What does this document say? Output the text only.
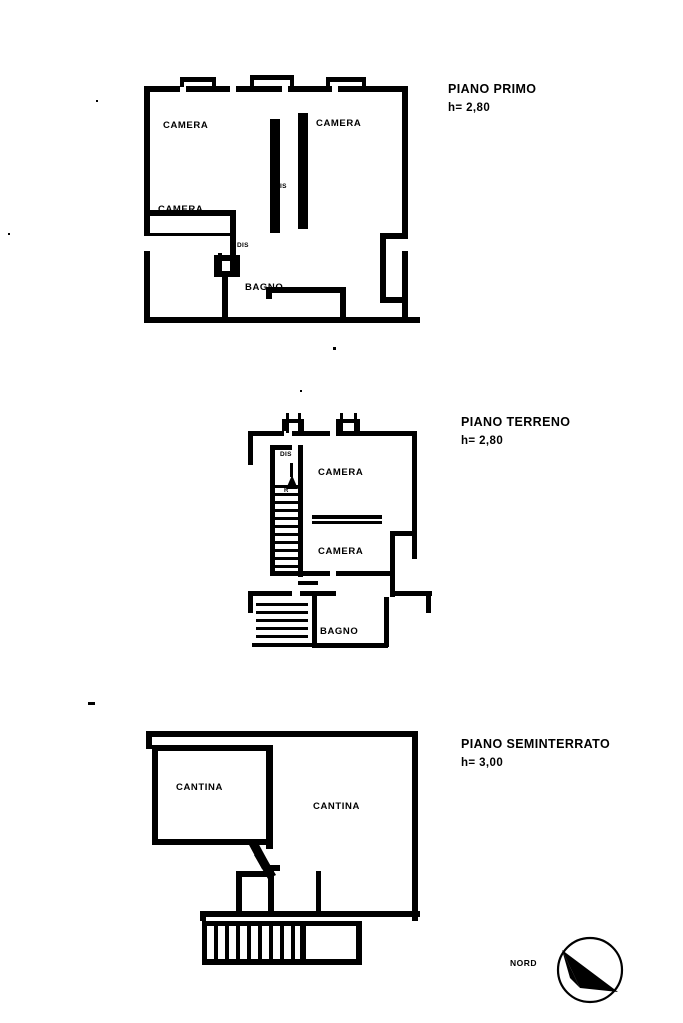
CAMERA	CAMERA
CAMERA
DIS
DIS
BAGNO
PIANO PRIMO
h= 2,80
DIS
CAMERA
R
CAMERA
BAGNO
PIANO TERRENO
h= 2,80
CANTINA
CANTINA
PIANO SEMINTERRATO
h= 3,00
NORD
